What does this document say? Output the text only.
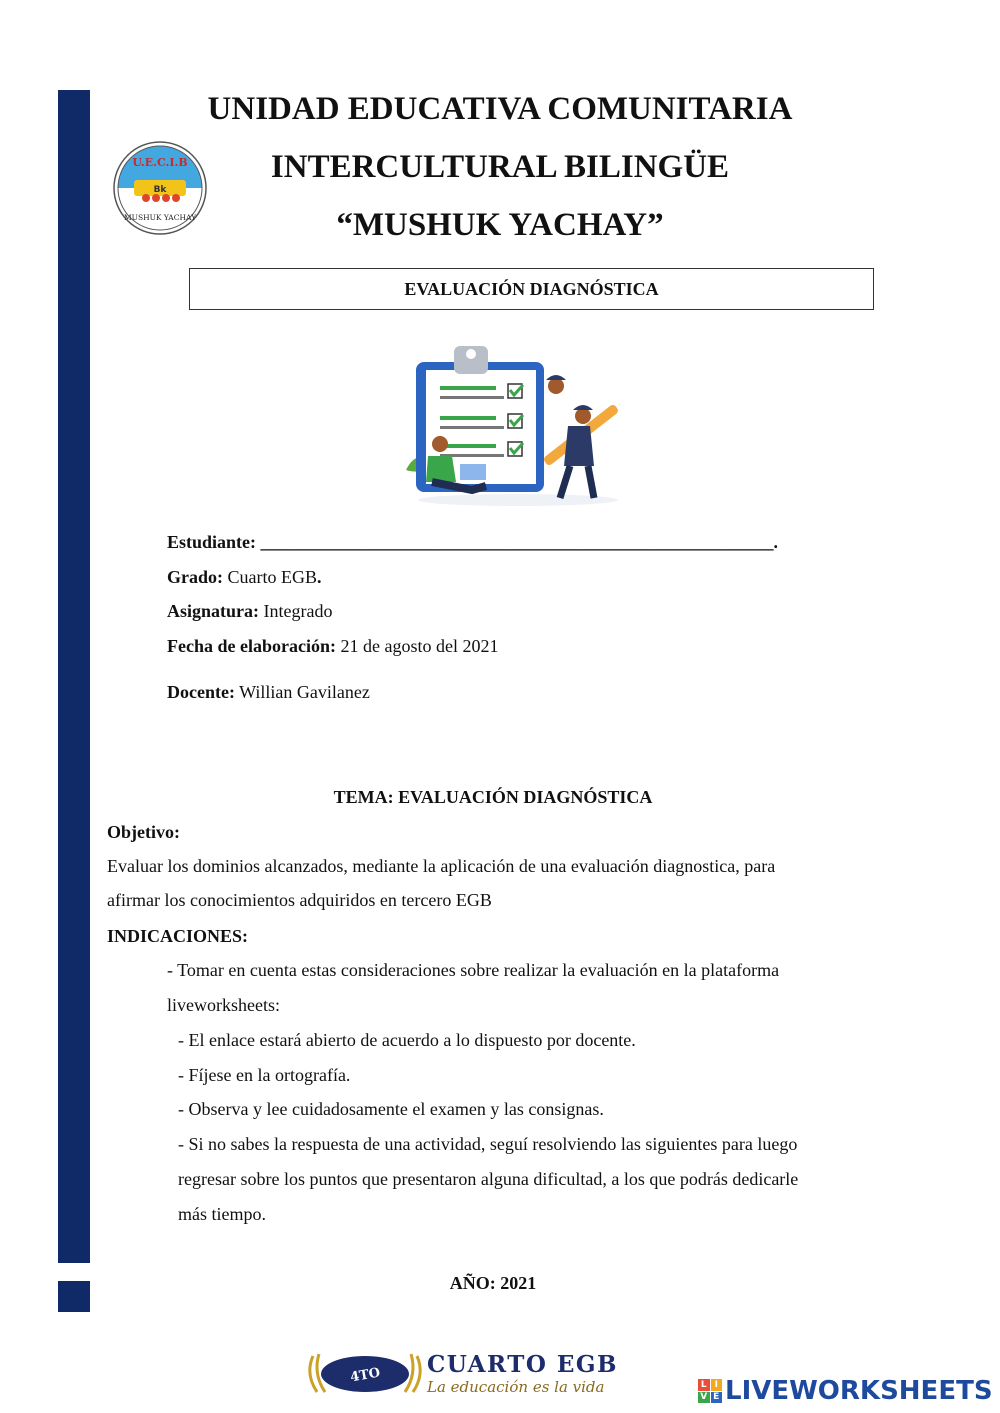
UNIDAD EDUCATIVA COMUNITARIA
INTERCULTURAL BILINGÜE
“MUSHUK YACHAY”
U.E.C.I.B
Bk
MUSHUK YACHAY
EVALUACIÓN DIAGNÓSTICA
Estudiante: _________________________________________________________.
Grado: Cuarto EGB.
Asignatura: Integrado
Fecha de elaboración: 21 de agosto del 2021
Docente: Willian Gavilanez
TEMA: EVALUACIÓN DIAGNÓSTICA
Objetivo:
Evaluar los dominios alcanzados, mediante la aplicación de una evaluación diagnostica, para
afirmar los conocimientos adquiridos en tercero EGB
INDICACIONES:
- Tomar en cuenta estas consideraciones sobre realizar la evaluación en la plataforma
liveworksheets:
- El enlace estará abierto de acuerdo a lo dispuesto por docente.
- Fíjese en la ortografía.
- Observa y lee cuidadosamente el examen y las consignas.
- Si no sabes la respuesta de una actividad, seguí resolviendo las siguientes para luego
regresar sobre los puntos que presentaron alguna dificultad, a los que podrás dedicarle
más tiempo.
AÑO: 2021
4TO CUARTO EGB
La educación es la vida	L I
V E LIVEWORKSHEETS
